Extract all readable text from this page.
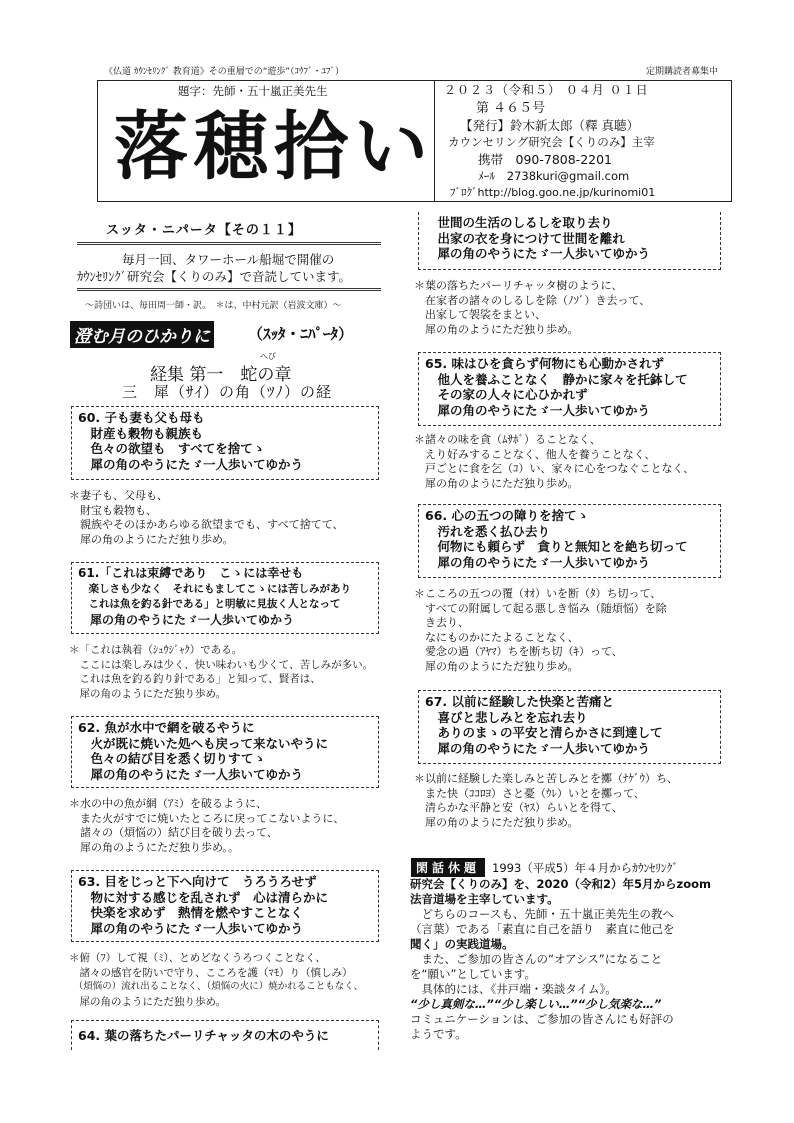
《仏道 ｶｳﾝｾﾘﾝｸﾞ 教育道》その重層での“遊歩”（ｺｳﾌﾞ・ﾕﾌﾞ）	定期購読者募集中
題字：先師・五十嵐正美先生
落穂拾い
２０２３（令和５） ０４月 ０１日
第 ４６５号
【発行】鈴木新太郎（釋 真聴）
カウンセリング研究会【くりのみ】主宰
携帯　090-7808-2201
ﾒｰﾙ　2738kuri@gmail.com
ﾌﾞﾛｸﾞhttp://blog.goo.ne.jp/kurinomi01
スッタ・ニパータ【その１１】
毎月一回、タワーホール船堀で開催の
ｶｳﾝｾﾘﾝｸﾞ研究会【くりのみ】で音読しています。
～詩団いは、毎田周一師・訳。　＊は、中村元訳（岩波文庫）～
澄む月のひかりに	（ｽｯﾀ・ﾆﾊﾟｰﾀ）
へび
経集 第一　蛇の章
三　犀（ｻｲ）の角（ﾂﾉ）の経
60. 子も妻も父も母も
　財産も穀物も親族も
　色々の欲望も　すべてを捨てゝ
　犀の角のやうにたゞ一人歩いてゆかう
＊妻子も、父母も、
　財宝も穀物も、
　親族やそのほかあらゆる欲望までも、すべて捨てて、
　犀の角のようにただ独り歩め。
61.「これは束縛であり　こゝには幸せも
　楽しさも少なく　それにもましてこゝには苦しみがあり
　これは魚を釣る針である」と明敏に見抜く人となって
　犀の角のやうにたゞ一人歩いてゆかう
＊「これは執着（ｼｭｳｼﾞｬｸ）である。
　ここには楽しみは少く、快い味わいも少くて、苦しみが多い。
　これは魚を釣る釣り針である」と知って、賢者は、
　犀の角のようにただ独り歩め。
62. 魚が水中で網を破るやうに
　火が既に焼いた処へも戻って来ないやうに
　色々の結び目を悉く切りすてゝ
　犀の角のやうにたゞ一人歩いてゆかう
＊水の中の魚が網（ｱﾐ）を破るように、
　また火がすでに焼いたところに戻ってこないように、
　諸々の（煩悩の）結び目を破り去って、
　犀の角のようにただ独り歩め。。
63. 目をじっと下へ向けて　うろうろせず
　物に対する感じを乱されず　心は清らかに
　快楽を求めず　熱情を燃やすことなく
　犀の角のやうにたゞ一人歩いてゆかう
＊俯（ﾌ）して視（ﾐ）、とめどなくうろつくことなく、
　諸々の感官を防いで守り、こころを護（ﾏﾓ）り（慎しみ）
　（煩悩の）流れ出ることなく、（煩悩の火に）焼かれることもなく、
　犀の角のようにただ独り歩め。
64. 葉の落ちたパーリチャッタの木のやうに
　世間の生活のしるしを取り去り
　出家の衣を身につけて世間を離れ
　犀の角のやうにたゞ一人歩いてゆかう
＊葉の落ちたパーリチャッタ樹のように、
　在家者の諸々のしるしを除（ﾉｿﾞ）き去って、
　出家して袈裟をまとい、
　犀の角のようにただ独り歩め。
65. 味はひを貪らず何物にも心動かされず
　他人を養ふことなく　静かに家々を托鉢して
　その家の人々に心ひかれず
　犀の角のやうにたゞ一人歩いてゆかう
＊諸々の味を貪（ﾑｻﾎﾞ）ることなく、
　えり好みすることなく、他人を養うことなく、
　戸ごとに食を乞（ｺ）い、家々に心をつなぐことなく、
　犀の角のようにただ独り歩め。
66. 心の五つの障りを捨てゝ
　汚れを悉く払ひ去り
　何物にも頼らず　貪りと無知とを絶ち切って
　犀の角のやうにたゞ一人歩いてゆかう
＊こころの五つの覆（ｵｵ）いを断（ﾀ）ち切って、
　すべての附属して起る悪しき悩み（随煩悩）を除
　き去り、
　なにものかにたよることなく、
　愛念の過（ｱﾔﾏ）ちを断ち切（ｷ）って、
　犀の角のようにただ独り歩め。
67. 以前に経験した快楽と苦痛と
　喜びと悲しみとを忘れ去り
　ありのまゝの平安と清らかさに到達して
　犀の角のやうにたゞ一人歩いてゆかう
＊以前に経験した楽しみと苦しみとを擲（ﾅｹﾞｳ）ち、
　また快（ｺｺﾛﾖ）さと憂（ｳﾚ）いとを擲って、
　清らかな平静と安（ﾔｽ）らいとを得て、
　犀の角のようにただ独り歩め。
閑話休題	1993（平成5）年４月からｶｳﾝｾﾘﾝｸﾞ
研究会【くりのみ】を、2020（令和2）年5月からzoom
法音道場を主宰しています。
　どちらのコースも、先師・五十嵐正美先生の教へ
（言葉）である「素直に自己を語り　素直に他己を
聞く」の実践道場。
　また、ご参加の皆さんの“オアシス”になること
を“願い”としています。
　具体的には、《井戸端・楽談タイム》。
“少し真剣な…”“少し楽しい…”“少し気楽な…”
コミュニケーションは、ご参加の皆さんにも好評の
ようです。
